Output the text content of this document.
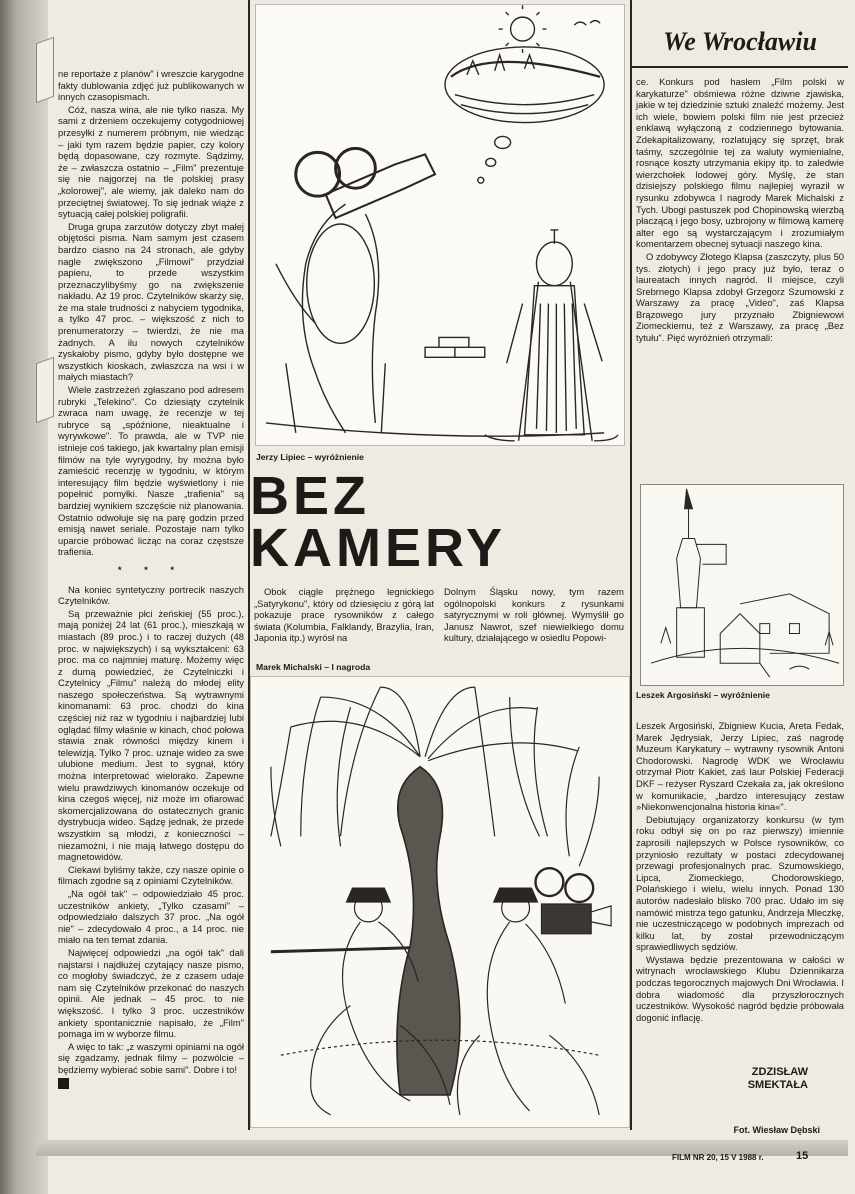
ne reportaże z planów" i wreszcie karygodne fakty dublowania zdjęć już publikowanych w innych czasopismach.

Cóż, nasza wina, ale nie tylko nasza. My sami z drżeniem oczekujemy cotygodniowej przesyłki z numerem próbnym, nie wiedząc – jaki tym razem będzie papier, czy kolory będą dopasowane, czy rozmyte. Sądzimy, że – zwłaszcza ostatnio – „Film" prezentuje się nie najgorzej na tle polskiej prasy „kolorowej", ale wiemy, jak daleko nam do przeciętnej światowej. To się jednak wiąże z sytuacją całej polskiej poligrafii.

Druga grupa zarzutów dotyczy zbyt małej objętości pisma. Nam samym jest czasem bardzo ciasno na 24 stronach, ale gdyby nagle zwiększono „Filmowi" przydział papieru, to przede wszystkim przeznaczylibyśmy go na zwiększenie nakładu. Aż 19 proc. Czytelników skarży się, że ma stale trudności z nabyciem tygodnika, a tylko 47 proc. – większość z nich to prenumeratorzy – twierdzi, że nie ma żadnych. A ilu nowych czytelników zyskałoby pismo, gdyby było dostępne we wszystkich kioskach, zwłaszcza na wsi i w małych miastach?

Wiele zastrzeżeń zgłaszano pod adresem rubryki „Telekino". Co dziesiąty czytelnik zwraca nam uwagę, że recenzje w tej rubryce są „spóźnione, nieaktualne i wyrywkowe". To prawda, ale w TVP nie istnieje coś takiego, jak kwartalny plan emisji filmów na tyle wyrygodny, by można było zamieścić recenzję w tygodniu, w którym interesujący film będzie wyświetlony i nie popełnić pomyłki. Nasze „trafienia" są bardziej wynikiem szczęście niż planowania. Ostatnio odwołuje się na parę godzin przed emisją nawet seriale. Pozostaje nam tylko uparcie próbować licząc na coraz częstsze trafienia.

* * *

Na koniec syntetyczny portrecik naszych Czytelników.

Są przeważnie płci żeńskiej (55 proc.), mają poniżej 24 lat (61 proc.), mieszkają w miastach (89 proc.) i to raczej dużych (48 proc. w największych) i są wykształceni: 63 proc. ma co najmniej maturę. Możemy więc z dumą powiedzieć, że Czytelniczki i Czytelnicy „Filmu" należą do młodej elity naszego społeczeństwa. Są wytrawnymi kinomanami: 63 proc. chodzi do kina częściej niż raz w tygodniu i najbardziej lubi oglądać filmy właśnie w kinach, choć połowa stawia znak równości między kinem i telewizją. Tylko 7 proc. uznaje wideo za swe ulubione medium. Jest to sygnał, który można interpretować wielorako. Zapewne wielu prawdziwych kinomanów oczekuje od kina czegoś więcej, niż może im ofiarować skomercjalizowana do ostatecznych granic dystrybucja wideo. Sądzę jednak, że przede wszystkim są młodzi, z konieczności – niezamożni, i nie mają łatwego dostępu do magnetowidów.

Ciekawi byliśmy także, czy nasze opinie o filmach zgodne są z opiniami Czytelników.

„Na ogół tak" – odpowiedziało 45 proc. uczestników ankiety, „Tylko czasami" – odpowiedziało dalszych 37 proc. „Na ogół nie" – zdecydowało 4 proc., a 14 proc. nie miało na ten temat zdania.

Najwięcej odpowiedzi „na ogół tak" dali najstarsi i najdłużej czytający nasze pismo, co mogłoby świadczyć, że z czasem udaje nam się Czytelników przekonać do naszych opinii. Ale jednak – 45 proc. to nie większość. I tylko 3 proc. uczestników ankiety spontanicznie napisało, że „Film" pomaga im w wyborze filmu.

A więc to tak: „z waszymi opiniami na ogół się zgadzamy, jednak filmy – pozwólcie – będziemy wybierać sobie sami". Dobre i to!

Jerzy Lipiec – wyróżnienie
BEZ
KAMERY

Obok ciągle prężnego legnickiego „Satyrykonu", który od dziesięciu z górą lat pokazuje prace rysowników z całego świata (Kolumbia, Falklandy, Brazylia, Iran, Japonia itp.) wyrósł na

Dolnym Śląsku nowy, tym razem ogólnopolski konkurs z rysunkami satyrycznymi w roli głównej. Wymyślił go Janusz Nawrot, szef niewielkiego domu kultury, działającego w osiedlu Popowi-

Marek Michalski – I nagroda
We Wrocławiu

ce. Konkurs pod hasłem „Film polski w karykaturze" obśmiewa różne dziwne zjawiska, jakie w tej dziedzinie sztuki znaleźć możemy. Jest ich wiele, bowiem polski film nie jest przecież enklawą wyłączoną z codziennego bytowania. Zdekapitalizowany, rozlatujący się sprzęt, brak taśmy, szczególnie tej za waluty wymienialne, rosnące koszty utrzymania ekipy itp. to zaledwie wierzchołek lodowej góry. Myślę, że stan dzisiejszy polskiego filmu najlepiej wyraził w rysunku zdobywca I nagrody Marek Michalski z Tych. Ubogi pastuszek pod Chopinowską wierzbą płaczącą i jego bosy, uzbrojony w filmową kamerę alter ego są wystarczającym i zrozumiałym komentarzem obecnej sytuacji naszego kina.

O zdobywcy Złotego Klapsa (zaszczyty, plus 50 tys. złotych) i jego pracy już było, teraz o laureatach innych nagród. II miejsce, czyli Srebrnego Klapsa zdobył Grzegorz Szumowski z Warszawy za pracę „Video", zaś Klapsa Brązowego jury przyznało Zbigniewowi Ziomeckiemu, też z Warszawy, za pracę „Bez tytułu". Pięć wyróżnień otrzymali:

Leszek Argosiński – wyróżnienie

Leszek Argosiński, Zbigniew Kucia, Areta Fedak, Marek Jędrysiak, Jerzy Lipiec, zaś nagrodę Muzeum Karykatury – wytrawny rysownik Antoni Chodorowski. Nagrodę WDK we Wrocławiu otrzymał Piotr Kakiet, zaś laur Polskiej Federacji DKF – reżyser Ryszard Czekała za, jak określono w komunikacie, „bardzo interesujący zestaw »Niekonwencjonalna historia kina«".

Debiutujący organizatorzy konkursu (w tym roku odbył się on po raz pierwszy) imiennie zaprosili najlepszych w Polsce rysowników, co przyniosło rezultaty w postaci zdecydowanej przewagi profesjonalnych prac. Szumowskiego, Lipca, Ziomeckiego, Chodorowskiego, Polańskiego i wielu, wielu innych. Ponad 130 autorów nadesłało blisko 700 prac. Udało im się namówić mistrza tego gatunku, Andrzeja Mleczkę, nie uczestniczącego w podobnych imprezach od kilku lat, by został przewodniczącym sprawiedliwych sędziów.

Wystawa będzie prezentowana w całości w witrynach wrocławskiego Klubu Dziennikarza podczas tegorocznych majowych Dni Wrocławia. I dobra wiadomość dla przyszłorocznych uczestników. Wysokość nagród będzie próbowała dogonić inflację.

ZDZISŁAW
SMEKTAŁA
Fot. Wiesław Dębski
FILM NR 20, 15 V 1988 r.	15
